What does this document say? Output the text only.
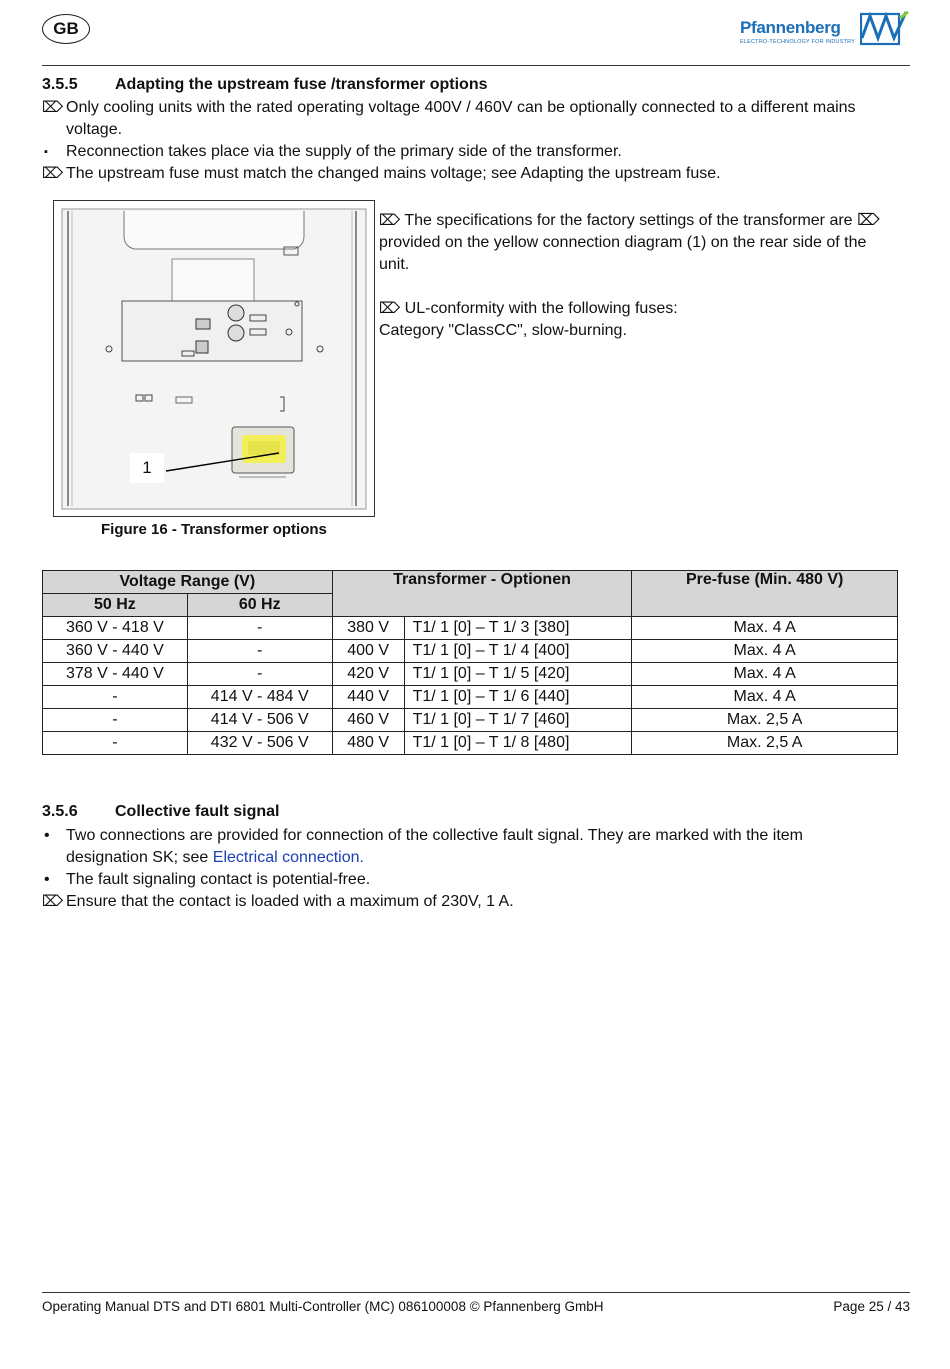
GB	Pfannenberg
ELECTRO-TECHNOLOGY FOR INDUSTRY
3.5.5 Adapting the upstream fuse /transformer options
⌦ Only cooling units with the rated operating voltage 400V / 460V can be optionally connected to a different mains
voltage.
▪ Reconnection takes place via the supply of the primary side of the transformer.
⌦ The upstream fuse must match the changed mains voltage; see Adapting the upstream fuse.
1
Figure 16 - Transformer options
⌦ The specifications for the factory settings of the transformer are ⌦
provided on the yellow connection diagram (1) on the rear side of the
unit.
⌦ UL-conformity with the following fuses:
Category "ClassCC", slow-burning.
Voltage Range (V)		Transformer - Optionen		Pre-fuse (Min. 480 V)
50 Hz	60 Hz			
360 V - 418 V	-	380 V	T1/ 1 [0] – T 1/ 3 [380]	Max. 4 A
360 V - 440 V	-	400 V	T1/ 1 [0] – T 1/ 4 [400]	Max. 4 A
378 V - 440 V	-	420 V	T1/ 1 [0] – T 1/ 5 [420]	Max. 4 A
-	414 V - 484 V	440 V	T1/ 1 [0] – T 1/ 6 [440]	Max. 4 A
-	414 V - 506 V	460 V	T1/ 1 [0] – T 1/ 7 [460]	Max. 2,5 A
-	432 V - 506 V	480 V	T1/ 1 [0] – T 1/ 8 [480]	Max. 2,5 A
3.5.6 Collective fault signal
• Two connections are provided for connection of the collective fault signal. They are marked with the item
designation SK; see Electrical connection.
• The fault signaling contact is potential-free.
⌦ Ensure that the contact is loaded with a maximum of 230V, 1 A.
Operating Manual DTS and DTI 6801 Multi-Controller (MC) 086100008 © Pfannenberg GmbH	Page 25 / 43
